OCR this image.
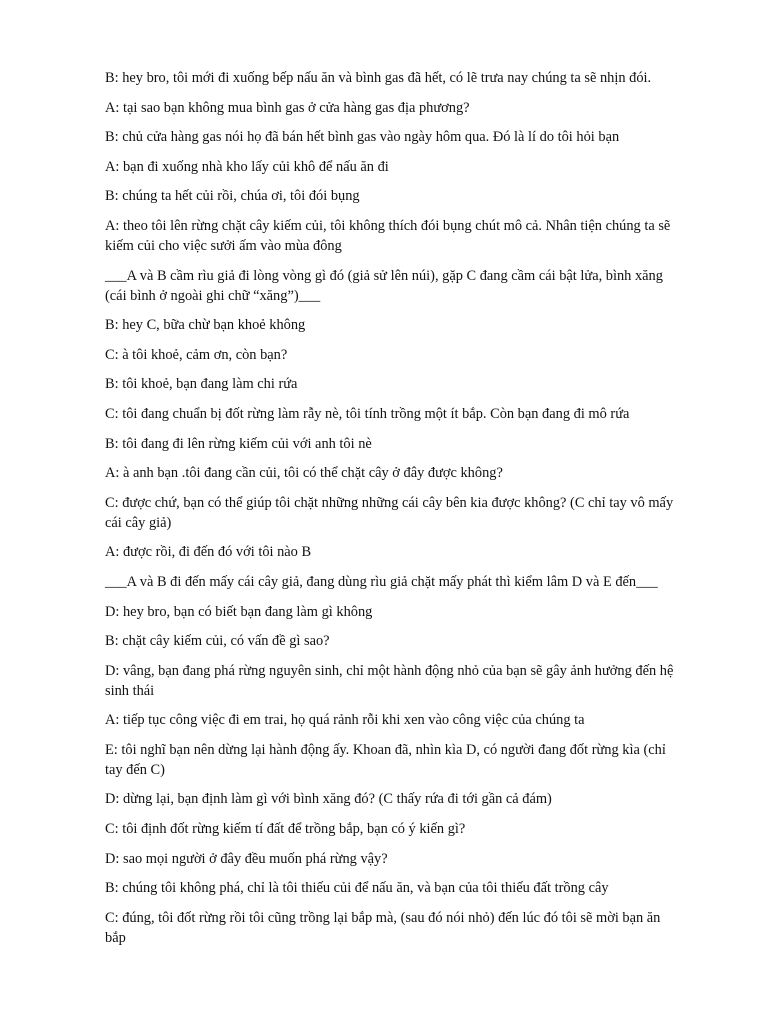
B: hey bro, tôi mới đi xuống bếp nấu ăn và bình gas đã hết, có lẽ trưa nay chúng ta sẽ nhịn đói.

A: tại sao bạn không mua bình gas ở cửa hàng gas địa phương?

B: chủ cửa hàng gas nói họ đã bán hết bình gas vào ngày hôm qua. Đó là lí do tôi hỏi bạn

A: bạn đi xuống nhà kho lấy củi khô để nấu ăn đi

B: chúng ta hết củi rồi, chúa ơi, tôi đói bụng

A: theo tôi lên rừng chặt cây kiếm củi, tôi không thích đói bụng chút mô cả. Nhân tiện chúng ta sẽ kiếm củi cho việc sưởi ấm vào mùa đông

___A và B cầm rìu giả đi lòng vòng gì đó (giả sử lên núi), gặp C đang cầm cái bật lửa, bình xăng (cái bình ở ngoài ghi chữ “xăng”)___

B: hey C, bữa chừ bạn khoẻ không

C: à tôi khoẻ, cảm ơn, còn bạn?

B: tôi khoẻ, bạn đang làm chi rứa

C: tôi đang chuẩn bị đốt rừng làm rẫy nè, tôi tính trồng một ít bắp. Còn bạn đang đi mô rứa

B: tôi đang đi lên rừng kiếm củi với anh tôi nè

A: à anh bạn .tôi đang cần củi, tôi có thể chặt cây ở đây được không?

C: được chứ, bạn có thể giúp tôi chặt những những cái cây bên kia được không? (C chỉ tay vô mấy cái cây giả)

A: được rồi, đi đến đó với tôi nào B

___A và B đi đến mấy cái cây giả, đang dùng rìu giả chặt mấy phát thì kiểm lâm D và E đến___

D: hey bro, bạn có biết bạn đang làm gì không

B: chặt cây kiếm củi, có vấn đề gì sao?

D: vâng, bạn đang phá rừng nguyên sinh, chỉ một hành động nhỏ của bạn sẽ gây ảnh hưởng đến hệ sinh thái

A: tiếp tục công việc đi em trai, họ quá rảnh rỗi khi xen vào công việc của chúng ta

E: tôi nghĩ bạn nên dừng lại hành động ấy. Khoan đã, nhìn kìa D, có người đang đốt rừng kìa (chỉ tay đến C)

D: dừng lại, bạn định làm gì với bình xăng đó? (C thấy rứa đi tới gần cả đám)

C: tôi định đốt rừng kiếm tí đất để trồng bắp, bạn có ý kiến gì?

D: sao mọi người ở đây đều muốn phá rừng vậy?

B: chúng tôi không phá, chỉ là tôi thiếu củi để nấu ăn, và bạn của tôi thiếu đất trồng cây

C: đúng, tôi đốt rừng rồi tôi cũng trồng lại bắp mà, (sau đó nói nhỏ) đến lúc đó tôi sẽ mời bạn ăn bắp
